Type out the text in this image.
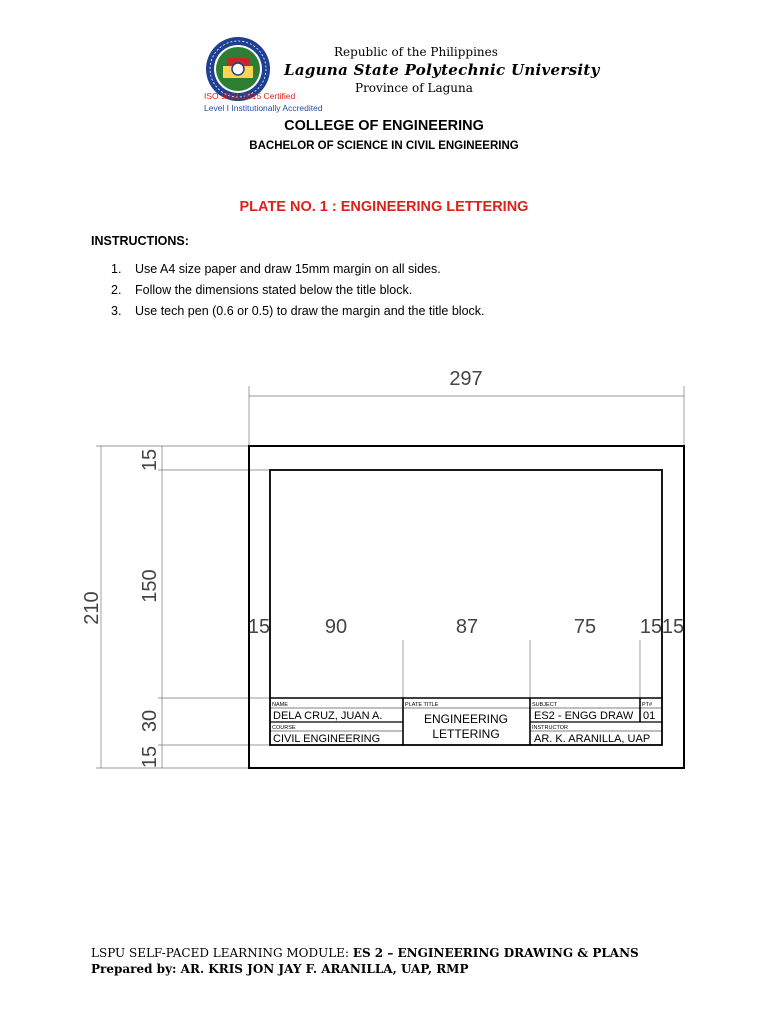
Republic of the Philippines
Laguna State Polytechnic University
Province of Laguna
ISO 9001:2015 Certified
Level I Institutionally Accredited
COLLEGE OF ENGINEERING
BACHELOR OF SCIENCE IN CIVIL ENGINEERING
PLATE NO. 1 : ENGINEERING LETTERING
INSTRUCTIONS:
1. Use A4 size paper and draw 15mm margin on all sides.
2. Follow the dimensions stated below the title block.
3. Use tech pen (0.6 or 0.5) to draw the margin and the title block.
297
210
15
150
30
15
15	90	87	75 15 15
NAME
DELA CRUZ, JUAN A.
COURSE
CIVIL ENGINEERING
PLATE TITLE
ENGINEERING
LETTERING
SUBJECT
ES2 - ENGG DRAW
PT#
01
INSTRUCTOR
AR. K. ARANILLA, UAP
LSPU SELF-PACED LEARNING MODULE: ES 2 – ENGINEERING DRAWING & PLANS
Prepared by: AR. KRIS JON JAY F. ARANILLA, UAP, RMP
